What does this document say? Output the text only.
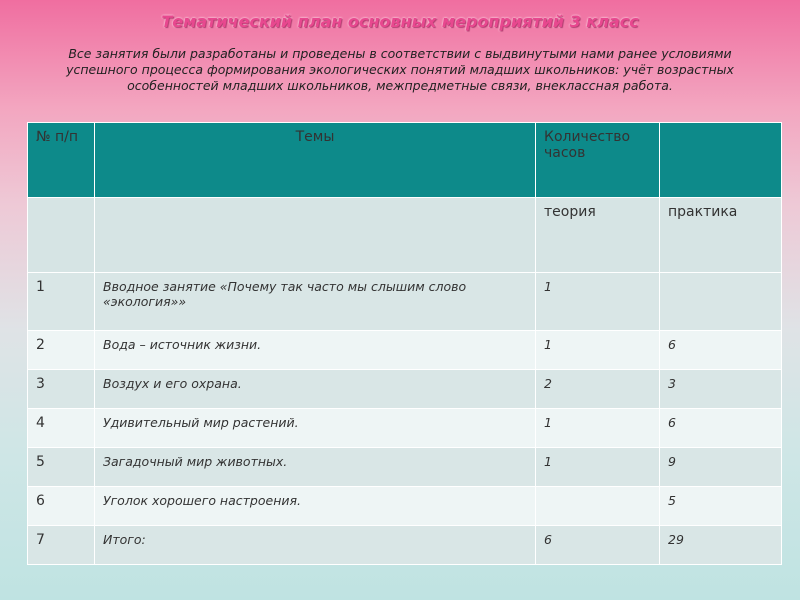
Тематический план основных мероприятий 3 класс
Все занятия были разработаны и проведены в соответствии с выдвинутыми нами ранее условиями успешного процесса формирования экологических понятий младших школьников: учёт возрастных особенностей младших школьников, межпредметные связи, внеклассная работа.
№ п/п	Темы	Количество часов	
		теория	практика
1	Вводное занятие «Почему так часто мы слышим слово «экология»»	1	
2	Вода – источник жизни.	1	6
3	Воздух и его охрана.	2	3
4	Удивительный мир растений.	1	6
5	Загадочный мир животных.	1	9
6	Уголок хорошего настроения.		5
7	Итого:	6	29
